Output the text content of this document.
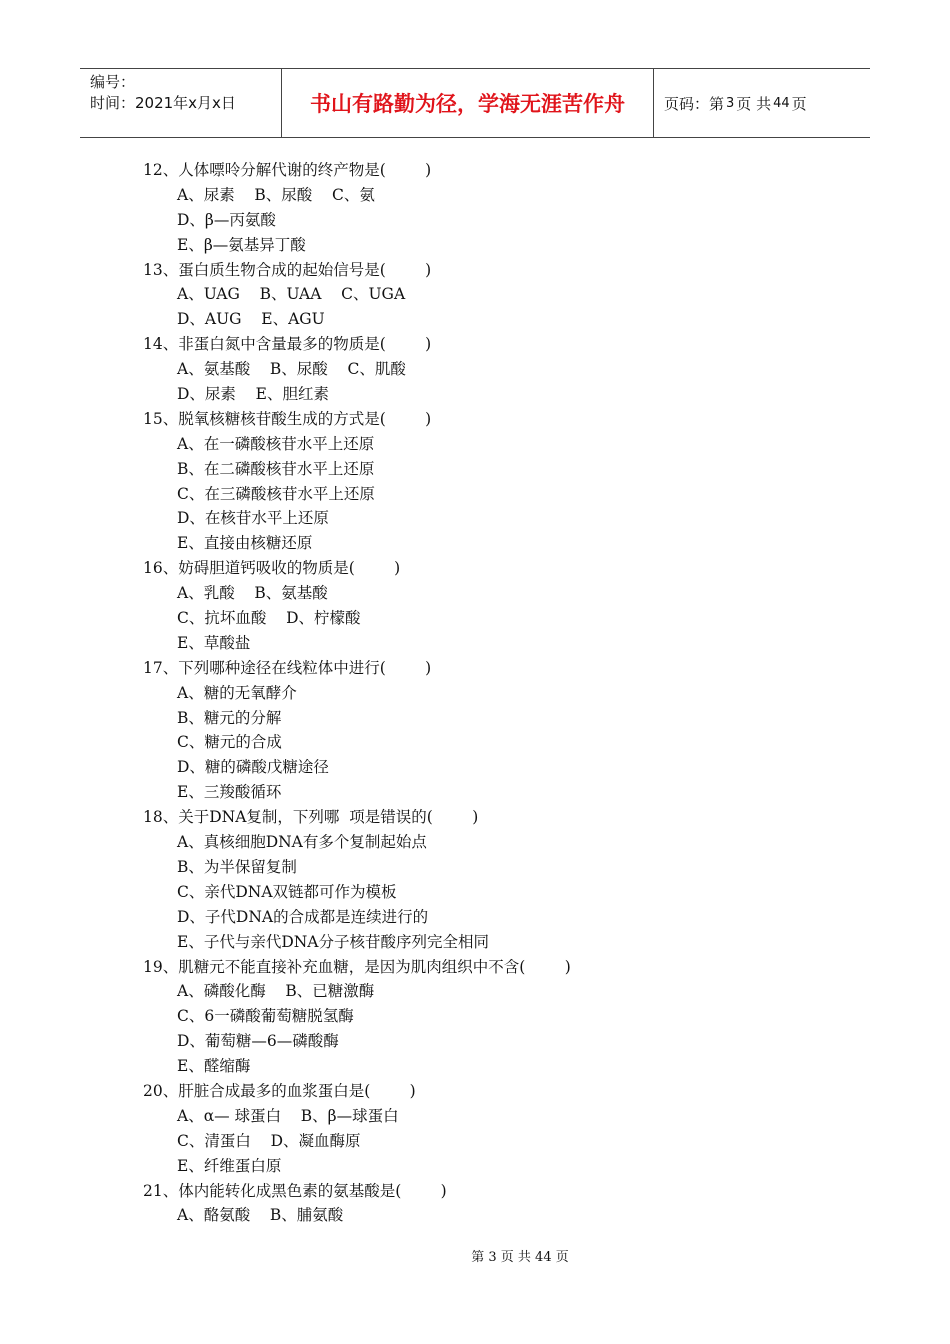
编号：
时间：2021年x月x日	书山有路勤为径，学海无涯苦作舟	页码：第 3 页 共 44 页
12、人体嘌呤分解代谢的终产物是(        )
A、尿素    B、尿酸    C、氨
D、β—丙氨酸
E、β—氨基异丁酸
13、蛋白质生物合成的起始信号是(        )
A、UAG    B、UAA    C、UGA
D、AUG    E、AGU
14、非蛋白氮中含量最多的物质是(        )
A、氨基酸    B、尿酸    C、肌酸
D、尿素    E、胆红素
15、脱氧核糖核苷酸生成的方式是(        )
A、在一磷酸核苷水平上还原
B、在二磷酸核苷水平上还原
C、在三磷酸核苷水平上还原
D、在核苷水平上还原
E、直接由核糖还原
16、妨碍胆道钙吸收的物质是(        )
A、乳酸    B、氨基酸
C、抗坏血酸    D、柠檬酸
E、草酸盐
17、下列哪种途径在线粒体中进行(        )
A、糖的无氧酵介
B、糖元的分解
C、糖元的合成
D、糖的磷酸戊糖途径
E、三羧酸循环
18、关于DNA复制，下列哪  项是错误的(        )
A、真核细胞DNA有多个复制起始点
B、为半保留复制
C、亲代DNA双链都可作为模板
D、子代DNA的合成都是连续进行的
E、子代与亲代DNA分子核苷酸序列完全相同
19、肌糖元不能直接补充血糖，是因为肌肉组织中不含(        )
A、磷酸化酶    B、已糖激酶
C、6一磷酸葡萄糖脱氢酶
D、葡萄糖—6—磷酸酶
E、醛缩酶
20、肝脏合成最多的血浆蛋白是(        )
A、α— 球蛋白    B、β—球蛋白
C、清蛋白    D、凝血酶原
E、纤维蛋白原
21、体内能转化成黑色素的氨基酸是(        )
A、酪氨酸    B、脯氨酸
第 3 页 共 44 页
